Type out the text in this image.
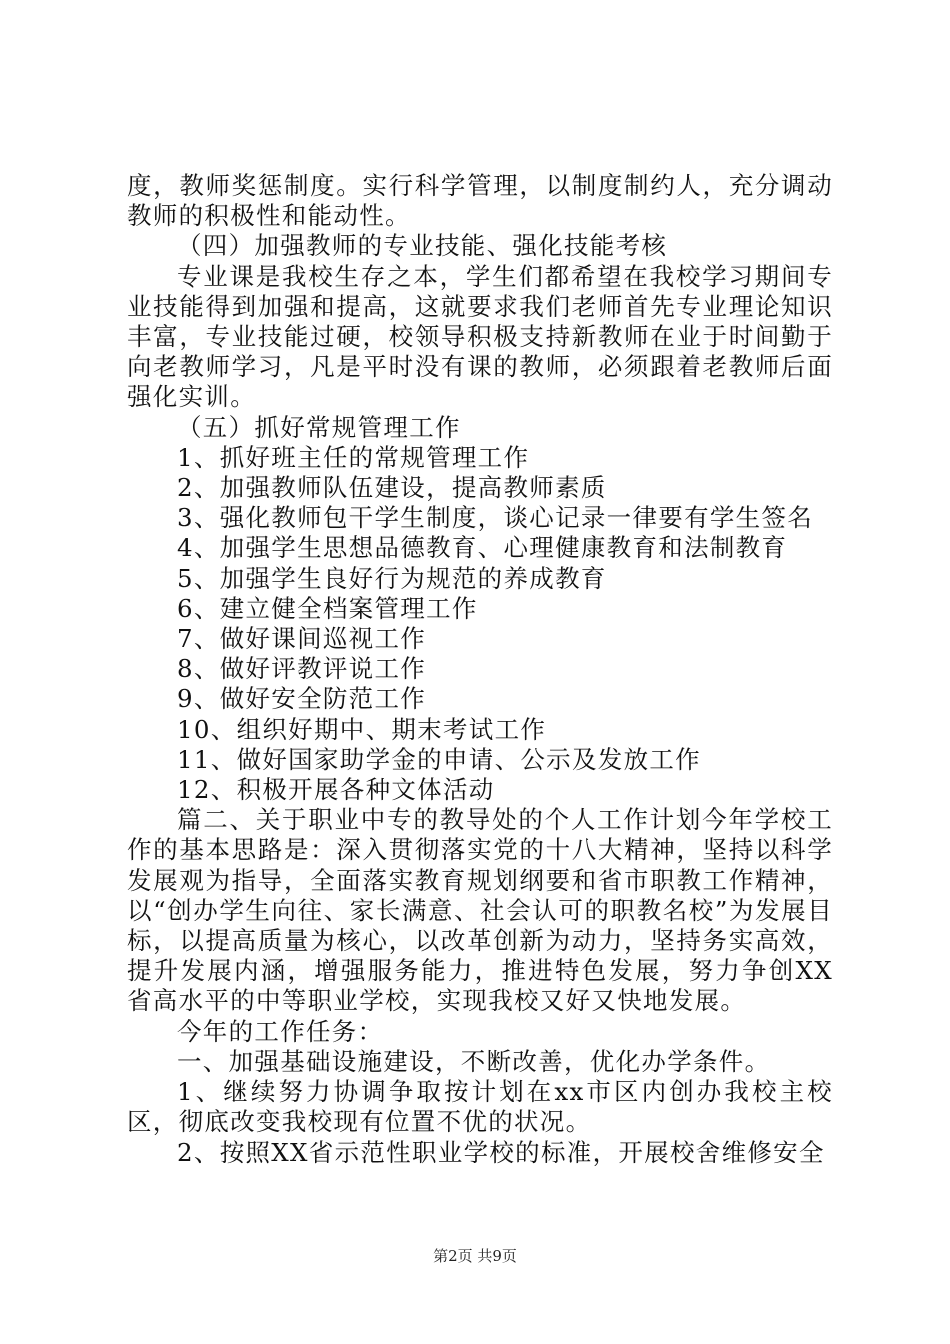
度，教师奖惩制度。实行科学管理，以制度制约人，充分调动教师的积极性和能动性。

（四）加强教师的专业技能、强化技能考核

专业课是我校生存之本，学生们都希望在我校学习期间专业技能得到加强和提高，这就要求我们老师首先专业理论知识丰富，专业技能过硬，校领导积极支持新教师在业于时间勤于向老教师学习，凡是平时没有课的教师，必须跟着老教师后面强化实训。

（五）抓好常规管理工作

1、抓好班主任的常规管理工作

2、加强教师队伍建设，提高教师素质

3、强化教师包干学生制度，谈心记录一律要有学生签名

4、加强学生思想品德教育、心理健康教育和法制教育

5、加强学生良好行为规范的养成教育

6、建立健全档案管理工作

7、做好课间巡视工作

8、做好评教评说工作

9、做好安全防范工作

10、组织好期中、期末考试工作

11、做好国家助学金的申请、公示及发放工作

12、积极开展各种文体活动

篇二、关于职业中专的教导处的个人工作计划今年学校工作的基本思路是：深入贯彻落实党的十八大精神，坚持以科学发展观为指导，全面落实教育规划纲要和省市职教工作精神，以“创办学生向往、家长满意、社会认可的职教名校”为发展目标，以提高质量为核心，以改革创新为动力，坚持务实高效，提升发展内涵，增强服务能力，推进特色发展，努力争创XX省高水平的中等职业学校，实现我校又好又快地发展。

今年的工作任务：

一、加强基础设施建设，不断改善，优化办学条件。

1、继续努力协调争取按计划在xx市区内创办我校主校区，彻底改变我校现有位置不优的状况。

2、按照XX省示范性职业学校的标准，开展校舍维修安全

第2页 共9页
